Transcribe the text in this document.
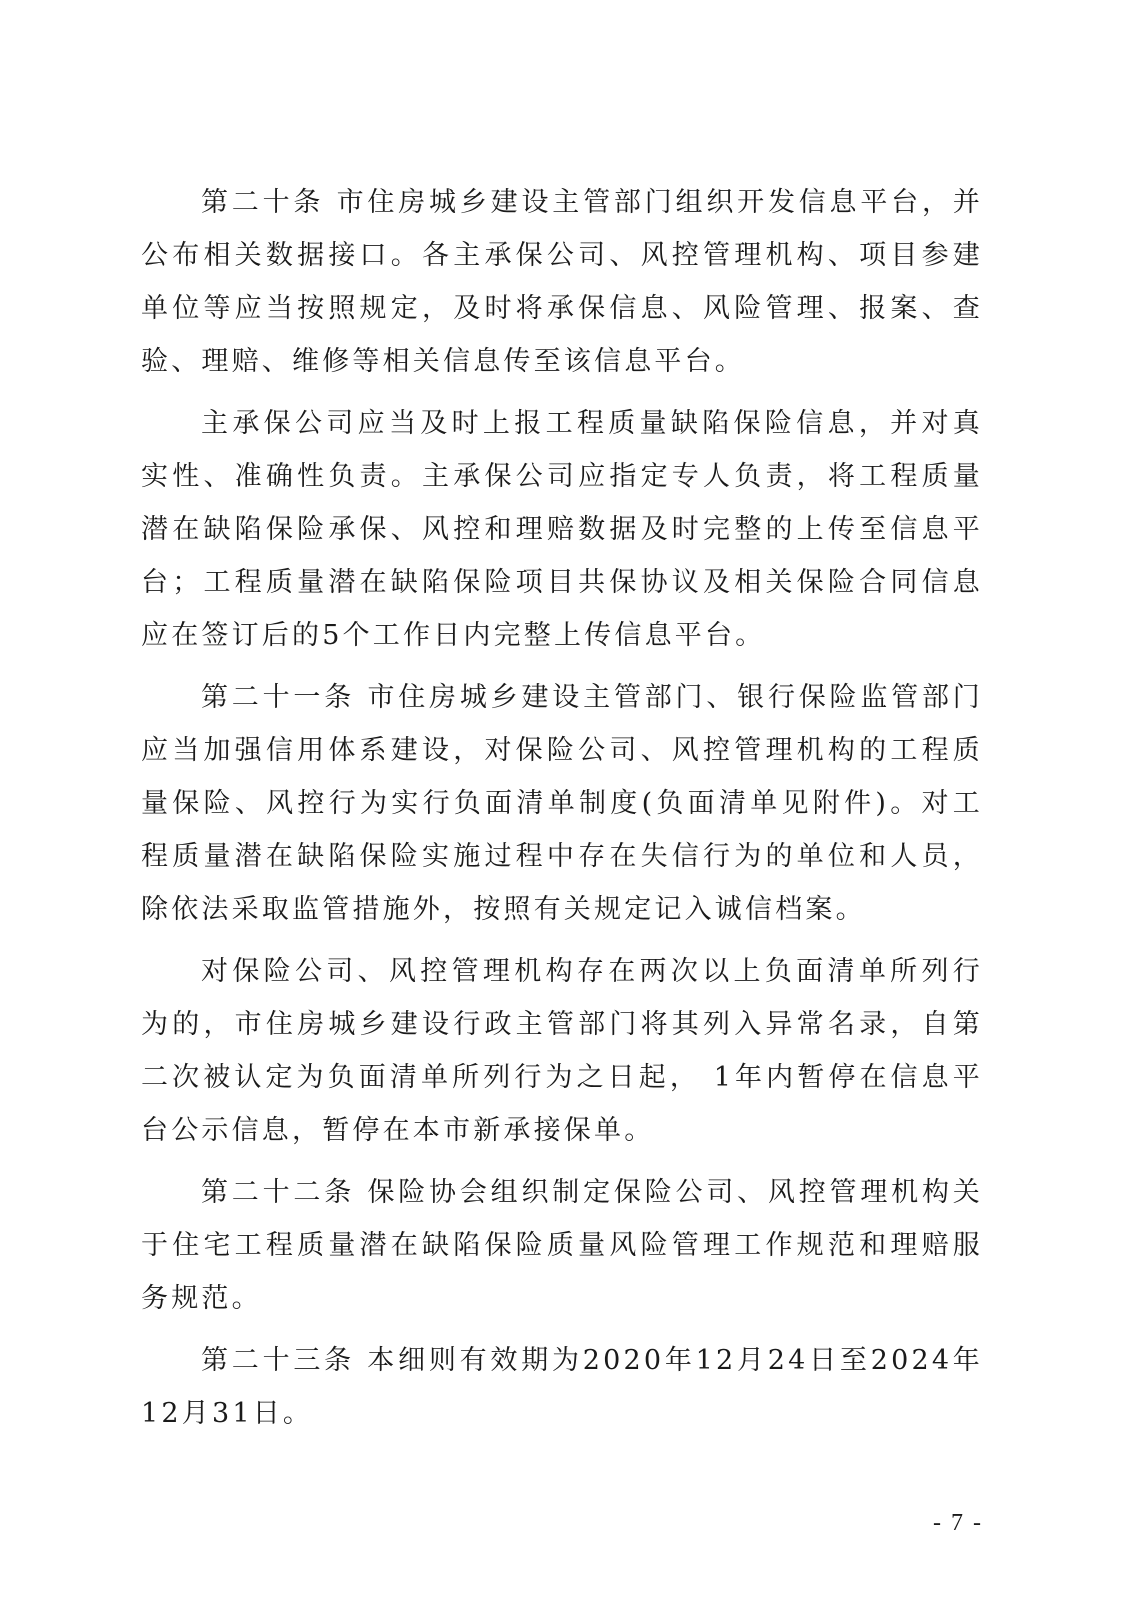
第二十条 市住房城乡建设主管部门组织开发信息平台，并公布相关数据接口。各主承保公司、风控管理机构、项目参建单位等应当按照规定，及时将承保信息、风险管理、报案、查验、理赔、维修等相关信息传至该信息平台。

主承保公司应当及时上报工程质量缺陷保险信息，并对真实性、准确性负责。主承保公司应指定专人负责，将工程质量潜在缺陷保险承保、风控和理赔数据及时完整的上传至信息平台；工程质量潜在缺陷保险项目共保协议及相关保险合同信息应在签订后的5个工作日内完整上传信息平台。

第二十一条 市住房城乡建设主管部门、银行保险监管部门应当加强信用体系建设，对保险公司、风控管理机构的工程质量保险、风控行为实行负面清单制度(负面清单见附件)。对工程质量潜在缺陷保险实施过程中存在失信行为的单位和人员，除依法采取监管措施外，按照有关规定记入诚信档案。

对保险公司、风控管理机构存在两次以上负面清单所列行为的，市住房城乡建设行政主管部门将其列入异常名录，自第二次被认定为负面清单所列行为之日起， 1年内暂停在信息平台公示信息，暂停在本市新承接保单。

第二十二条 保险协会组织制定保险公司、风控管理机构关于住宅工程质量潜在缺陷保险质量风险管理工作规范和理赔服务规范。

第二十三条 本细则有效期为2020年12月24日至2024年12月31日。

- 7 -
